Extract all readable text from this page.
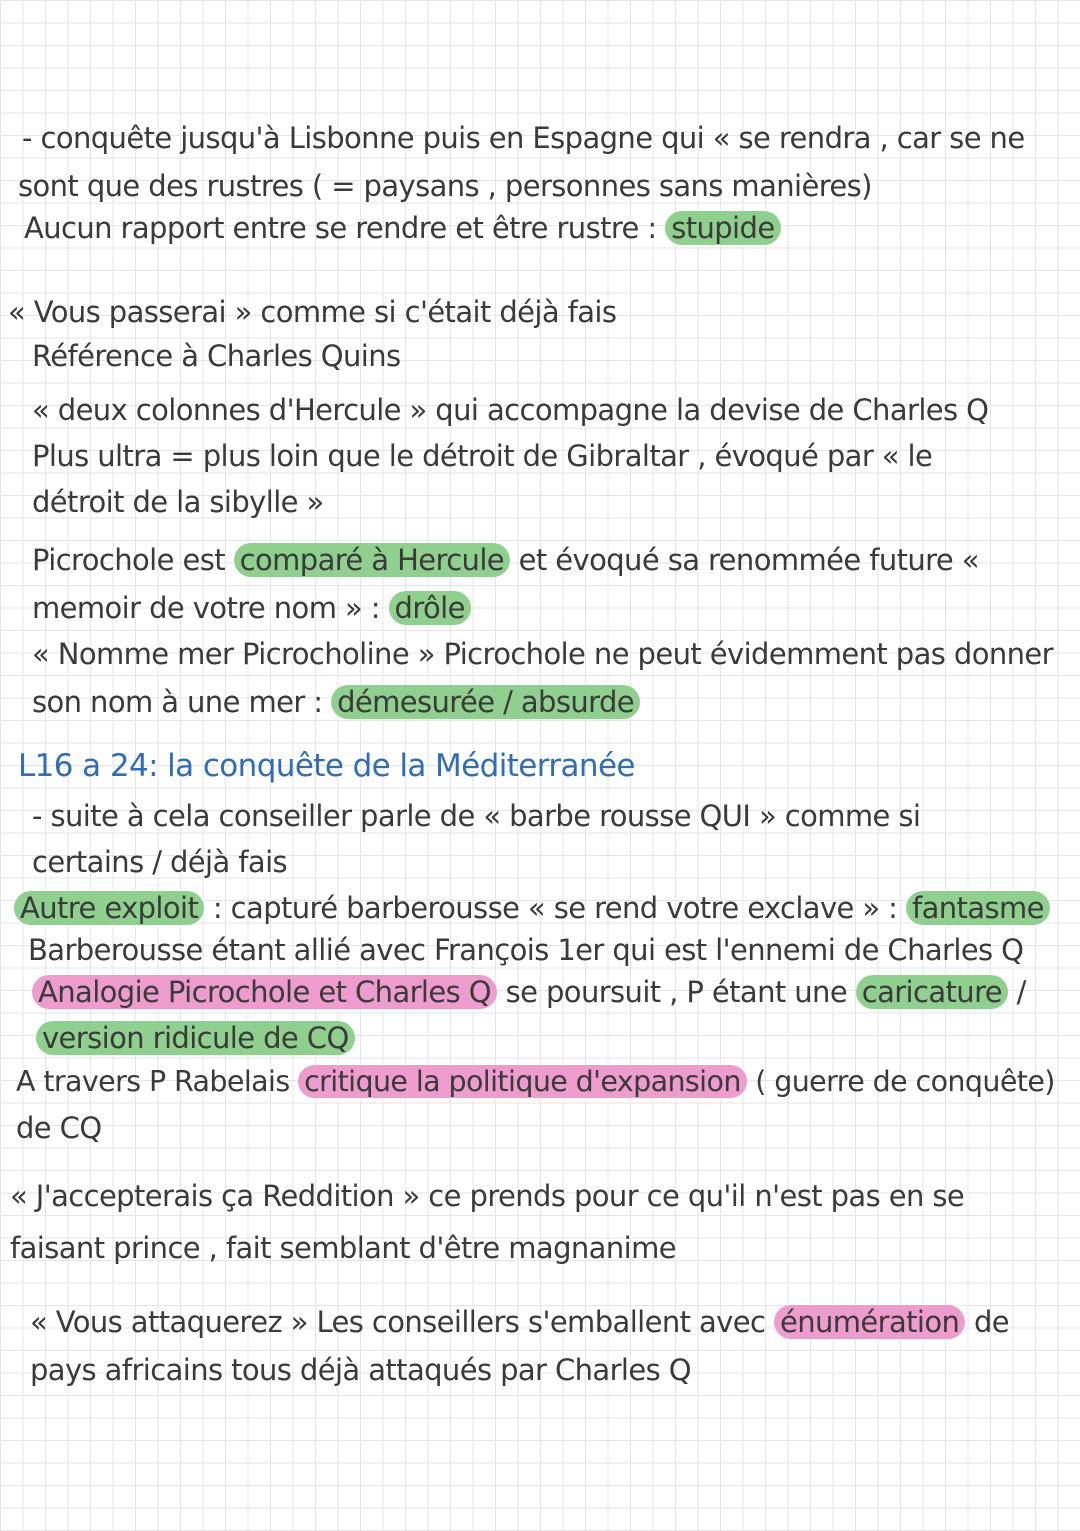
- conquête jusqu'à Lisbonne puis en Espagne qui « se rendra , car se ne
sont que des rustres ( = paysans , personnes sans manières)
Aucun rapport entre se rendre et être rustre : stupide
« Vous passerai » comme si c'était déjà fais
Référence à Charles Quins
« deux colonnes d'Hercule » qui accompagne la devise de Charles Q
Plus ultra = plus loin que le détroit de Gibraltar , évoqué par « le
détroit de la sibylle »
Picrochole est comparé à Hercule et évoqué sa renommée future «
memoir de votre nom » : drôle
« Nomme mer Picrocholine » Picrochole ne peut évidemment pas donner
son nom à une mer : démesurée / absurde
L16 a 24: la conquête de la Méditerranée
- suite à cela conseiller parle de « barbe rousse QUI » comme si
certains / déjà fais
Autre exploit : capturé barberousse « se rend votre exclave » : fantasme
Barberousse étant allié avec François 1er qui est l'ennemi de Charles Q
Analogie Picrochole et Charles Q se poursuit , P étant une caricature /
version ridicule de CQ
A travers P Rabelais critique la politique d'expansion ( guerre de conquête)
de CQ
« J'accepterais ça Reddition » ce prends pour ce qu'il n'est pas en se
faisant prince , fait semblant d'être magnanime
« Vous attaquerez » Les conseillers s'emballent avec énumération de
pays africains tous déjà attaqués par Charles Q
